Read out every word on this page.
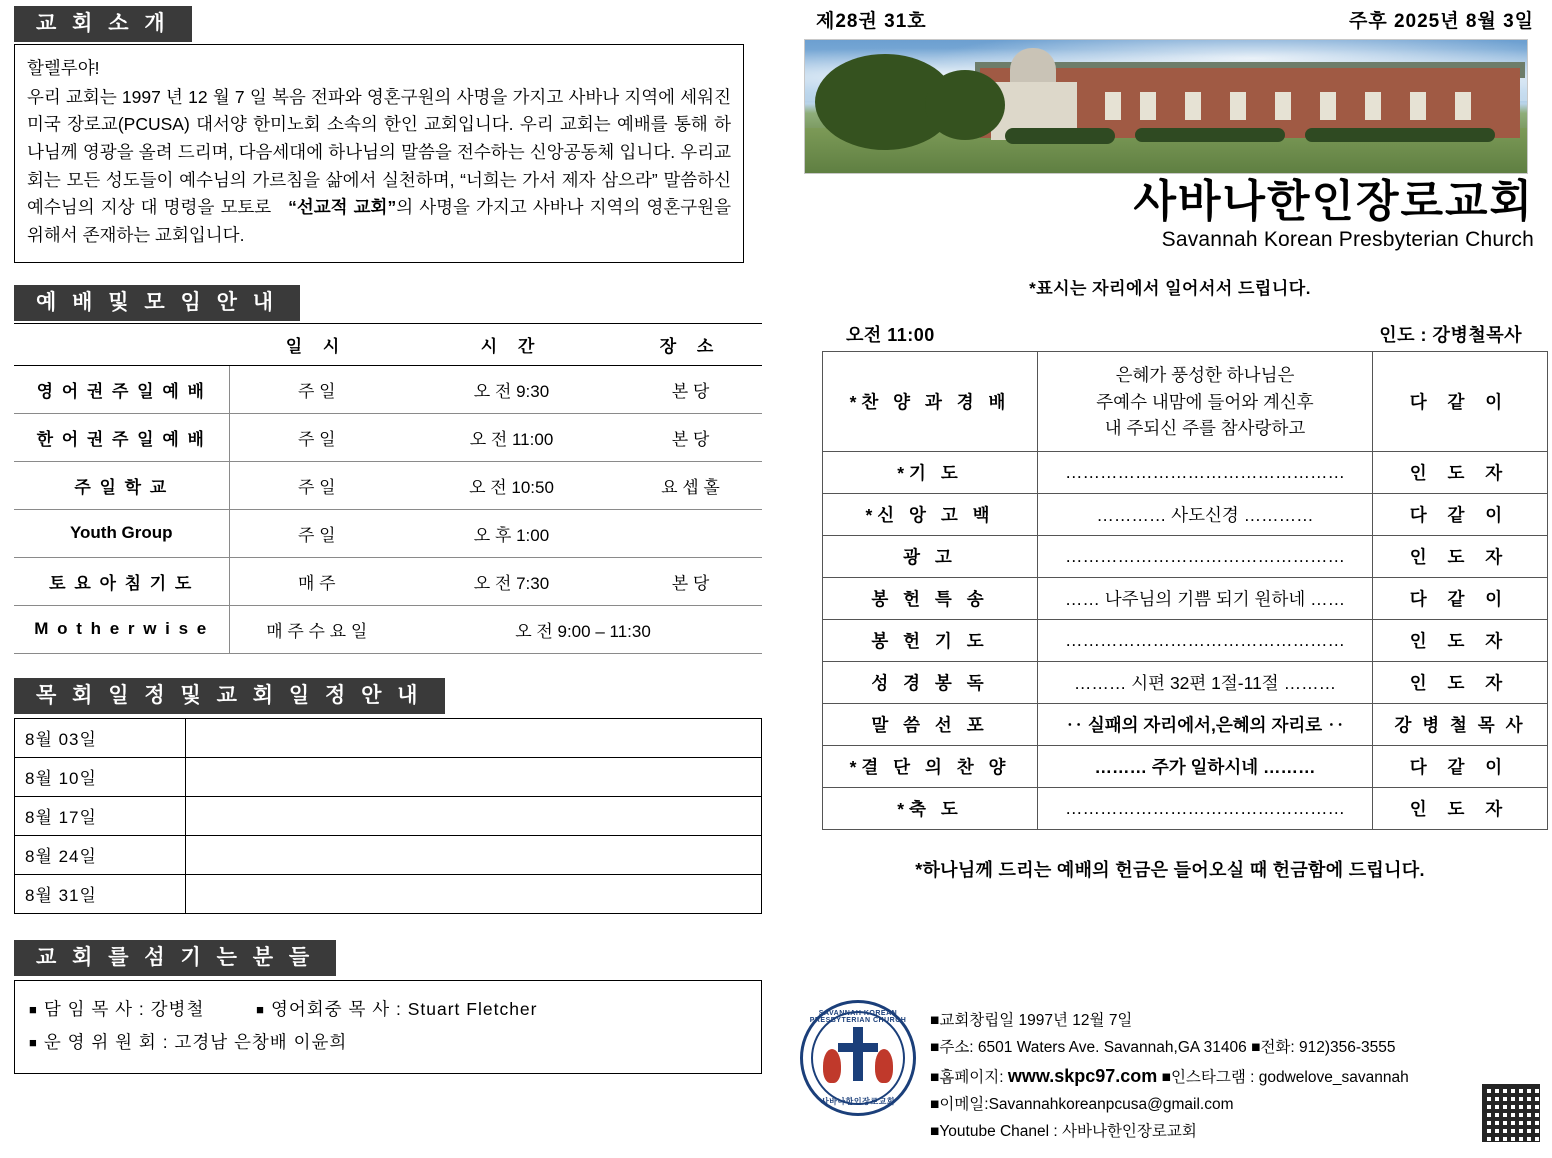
교 회 소 개

할렐루야!

우리 교회는 1997 년 12 월 7 일 복음 전파와 영혼구원의 사명을 가지고 사바나 지역에 세워진 미국 장로교(PCUSA) 대서양 한미노회 소속의 한인 교회입니다. 우리 교회는 예배를 통해 하나님께 영광을 올려 드리며, 다음세대에 하나님의 말씀을 전수하는 신앙공동체 입니다. 우리교회는 모든 성도들이 예수님의 가르침을 삶에서 실천하며, “너희는 가서 제자 삼으라” 말씀하신 예수님의 지상 대 명령을 모토로ㅤ“선교적 교회”의 사명을 가지고 사바나 지역의 영혼구원을 위해서 존재하는 교회입니다.

예 배 및 모 임 안 내
	일 시	시 간	장 소
영 어 권 주 일 예 배	주 일	오 전 9:30	본 당
한 어 권 주 일 예 배	주 일	오 전 11:00	본 당
주 일 학 교	주 일	오 전 10:50	요 셉 홀
Youth Group	주 일	오 후 1:00	
토 요 아 침 기 도	매 주	오 전 7:30	본 당
M o t h e r w i s e	매 주 수 요 일	오 전 9:00 – 11:30	
목 회 일 정 및 교 회 일 정 안 내
8월 03일	
8월 10일	
8월 17일	
8월 24일	
8월 31일	
교 회 를 섬 기 는 분 들
■ 담 임 목 사 : 강병철	■ 영어회중 목 사 : Stuart Fletcher
■ 운 영 위 원 회 : 고경남 은창배 이윤희
제28권 31호	주후 2025년 8월 3일
사바나한인장로교회
Savannah Korean Presbyterian Church
*표시는 자리에서 일어서서 드립니다.
오전 11:00	인도 : 강병철목사
*찬 양 과 경 배	은혜가 풍성한 하나님은
주예수 내맘에 들어와 계신후
내 주되신 주를 참사랑하고	다 같 이
*기 도	…………………………………………	인 도 자
*신 앙 고 백	………… 사도신경 …………	다 같 이
광 고	…………………………………………	인 도 자
봉 헌 특 송	…… 나주님의 기쁨 되기 원하네 ……	다 같 이
봉 헌 기 도	…………………………………………	인 도 자
성 경 봉 독	……… 시편 32편 1절-11절 ………	인 도 자
말 씀 선 포	‥ 실패의 자리에서,은혜의 자리로 ‥	강 병 철 목 사
*결 단 의 찬 양	……… 주가 일하시네 ………	다 같 이
*축 도	…………………………………………	인 도 자
*하나님께 드리는 예배의 헌금은 들어오실 때 헌금함에 드립니다.
SAVANNAH KOREAN PRESBYTERIAN CHURCH
사바나한인장로교회
■교회창립일 1997년 12월 7일
■주소: 6501 Waters Ave. Savannah,GA 31406 ■전화: 912)356-3555
■홈페이지: www.skpc97.com ■인스타그램 : godwelove_savannah
■이메일:Savannahkoreanpcusa@gmail.com
■Youtube Chanel : 사바나한인장로교회
